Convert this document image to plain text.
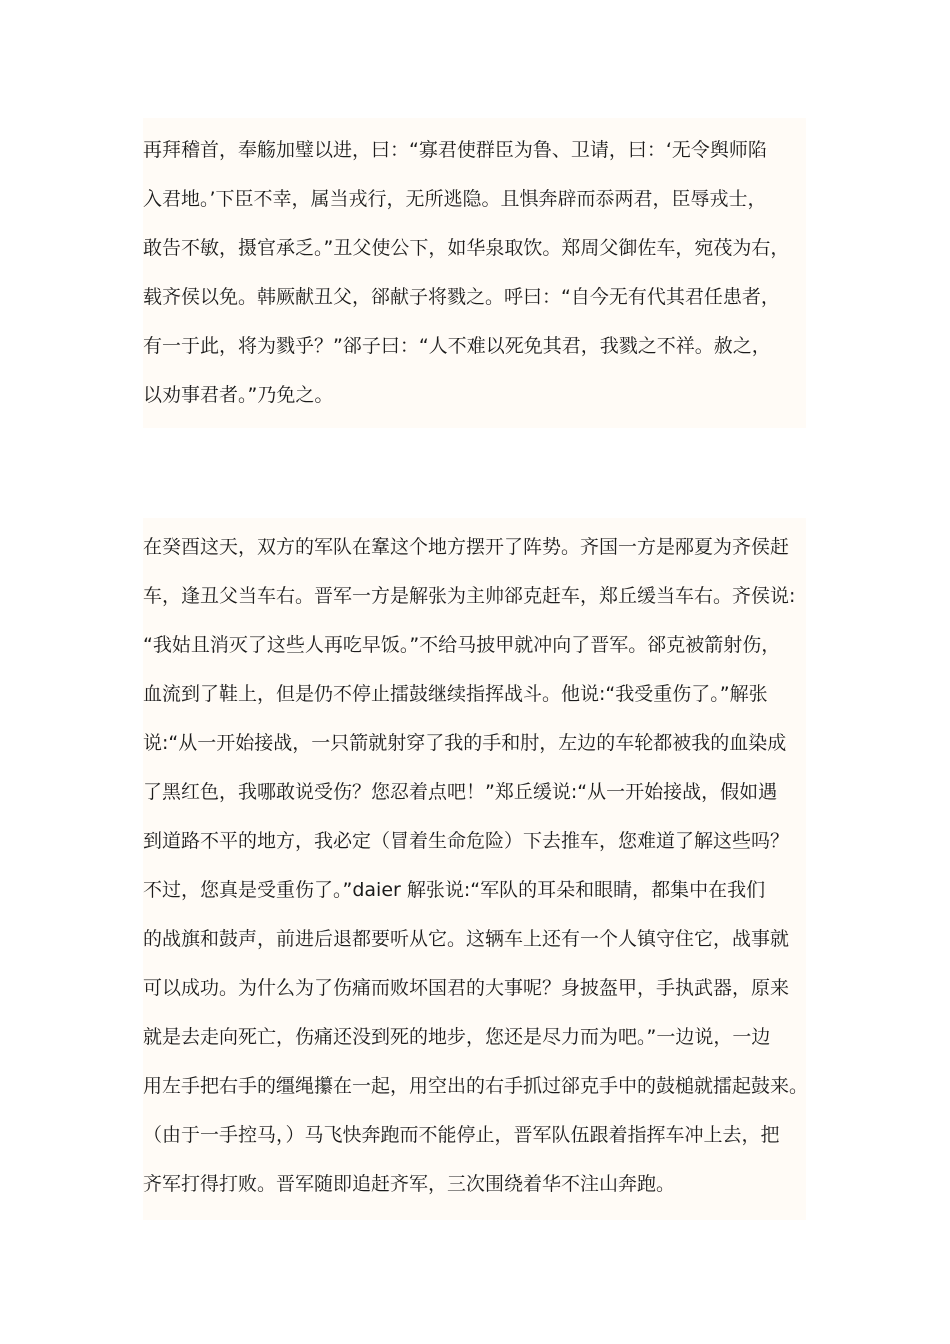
再拜稽首，奉觞加璧以进，曰：“寡君使群臣为鲁、卫请，曰：‘无令舆师陷
入君地。’下臣不幸，属当戎行，无所逃隐。且惧奔辟而忝两君，臣辱戎士，
敢告不敏，摄官承乏。”丑父使公下，如华泉取饮。郑周父御佐车，宛茷为右，
载齐侯以免。韩厥献丑父，郤献子将戮之。呼曰：“自今无有代其君任患者，
有一于此，将为戮乎？”郤子曰：“人不难以死免其君，我戮之不祥。赦之，
以劝事君者。”乃免之。
在癸酉这天，双方的军队在鞌这个地方摆开了阵势。齐国一方是邴夏为齐侯赶
车，逢丑父当车右。晋军一方是解张为主帅郤克赶车，郑丘缓当车右。齐侯说:
“我姑且消灭了这些人再吃早饭。”不给马披甲就冲向了晋军。郤克被箭射伤，
血流到了鞋上，但是仍不停止擂鼓继续指挥战斗。他说:“我受重伤了。”解张
说:“从一开始接战，一只箭就射穿了我的手和肘，左边的车轮都被我的血染成
了黑红色，我哪敢说受伤？您忍着点吧！”郑丘缓说:“从一开始接战，假如遇
到道路不平的地方，我必定（冒着生命危险）下去推车，您难道了解这些吗？
不过，您真是受重伤了。”daier 解张说:“军队的耳朵和眼睛，都集中在我们
的战旗和鼓声，前进后退都要听从它。这辆车上还有一个人镇守住它，战事就
可以成功。为什么为了伤痛而败坏国君的大事呢？身披盔甲，手执武器，原来
就是去走向死亡，伤痛还没到死的地步，您还是尽力而为吧。”一边说，一边
用左手把右手的缰绳攥在一起，用空出的右手抓过郤克手中的鼓槌就擂起鼓来。
（由于一手控马，）马飞快奔跑而不能停止，晋军队伍跟着指挥车冲上去，把
齐军打得打败。晋军随即追赶齐军，三次围绕着华不注山奔跑。
